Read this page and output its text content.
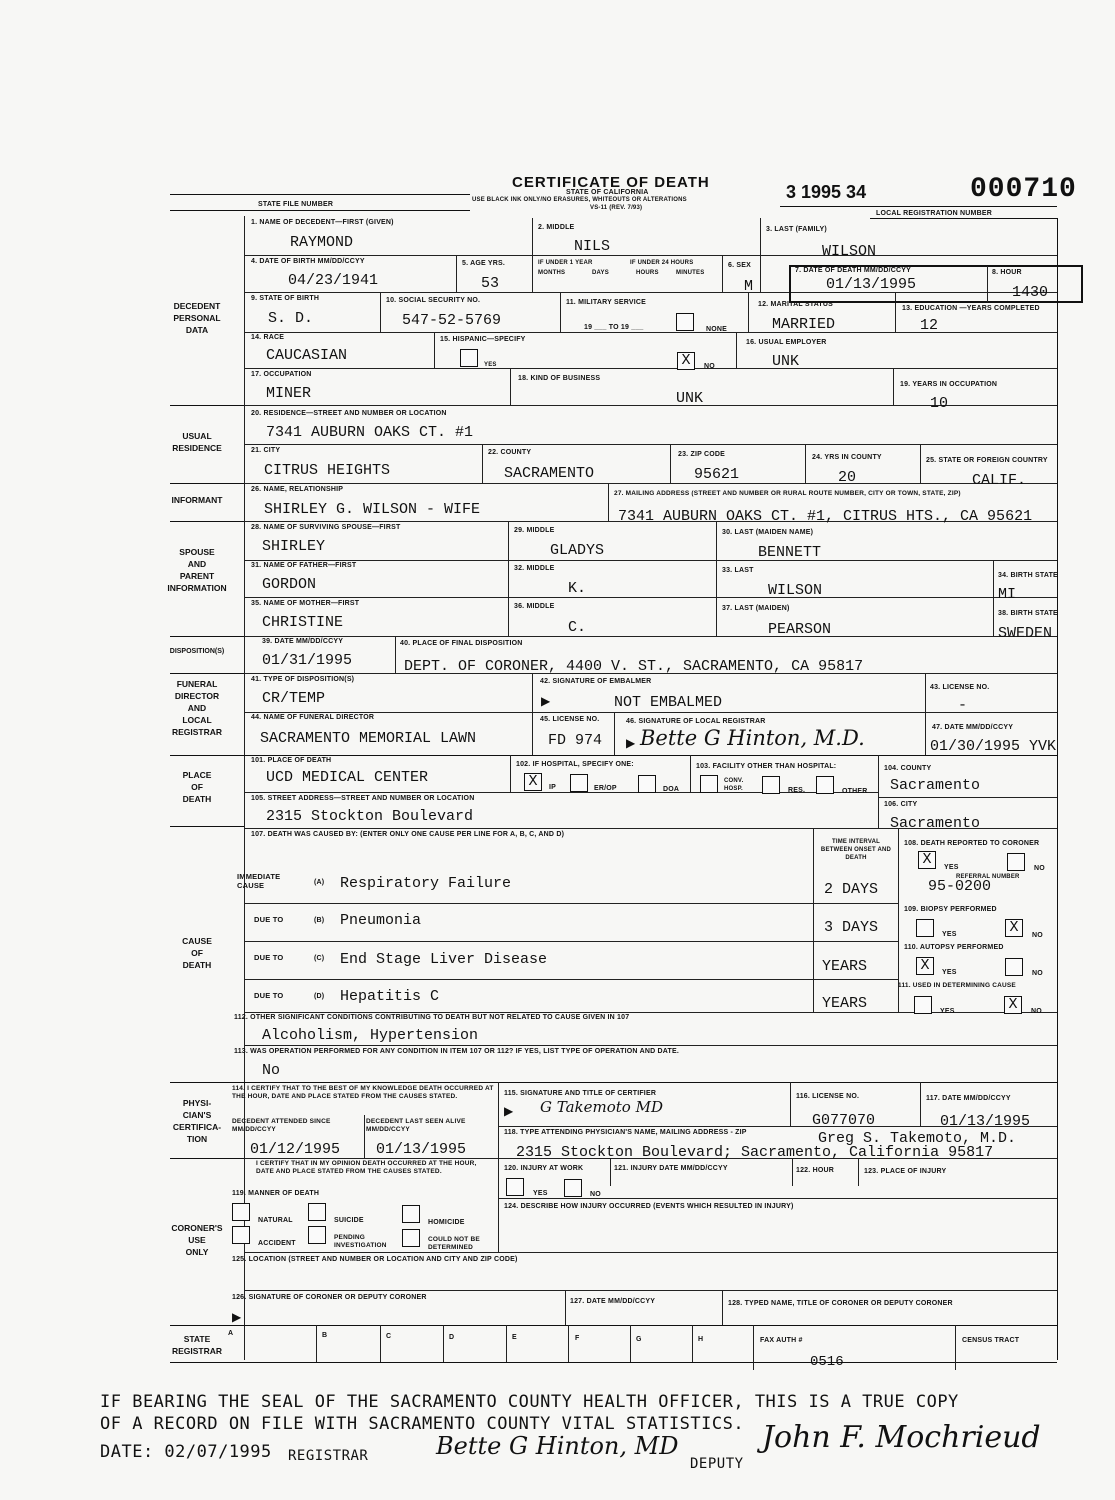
CERTIFICATE OF DEATH
STATE OF CALIFORNIA
USE BLACK INK ONLY/NO ERASURES, WHITEOUTS OR ALTERATIONS
VS-11 (REV. 7/93)
3 1995 34	000710
STATE FILE NUMBER
LOCAL REGISTRATION NUMBER
DECEDENT
PERSONAL
DATA
USUAL
RESIDENCE
INFORMANT
SPOUSE
AND
PARENT
INFORMATION
DISPOSITION(S)
FUNERAL
DIRECTOR
AND
LOCAL
REGISTRAR
PLACE
OF
DEATH
CAUSE
OF
DEATH
PHYSI-
CIAN'S
CERTIFICA-
TION
CORONER'S
USE
ONLY
STATE
REGISTRAR
1. NAME OF DECEDENT—FIRST (GIVEN)
RAYMOND
2. MIDDLE
NILS
3. LAST (FAMILY)
WILSON
4. DATE OF BIRTH MM/DD/CCYY
04/23/1941
5. AGE YRS.
53
IF UNDER 1 YEAR	IF UNDER 24 HOURS
MONTHS	DAYS	HOURS	MINUTES
6. SEX
M
7. DATE OF DEATH MM/DD/CCYY
01/13/1995
8. HOUR
1430
9. STATE OF BIRTH
S. D.
10. SOCIAL SECURITY NO.
547-52-5769
11. MILITARY SERVICE
19 ___ TO 19 ___	NONE
12. MARITAL STATUS
MARRIED
13. EDUCATION —YEARS COMPLETED
12
14. RACE
CAUCASIAN
15. HISPANIC—SPECIFY
YES	X	NO
16. USUAL EMPLOYER
UNK
17. OCCUPATION
MINER
18. KIND OF BUSINESS
UNK
19. YEARS IN OCCUPATION
10
20. RESIDENCE—STREET AND NUMBER OR LOCATION
7341 AUBURN OAKS CT. #1
21. CITY
CITRUS HEIGHTS
22. COUNTY
SACRAMENTO
23. ZIP CODE
95621
24. YRS IN COUNTY
20
25. STATE OR FOREIGN COUNTRY
CALIF.
26. NAME, RELATIONSHIP
SHIRLEY G. WILSON - WIFE
27. MAILING ADDRESS (STREET AND NUMBER OR RURAL ROUTE NUMBER, CITY OR TOWN, STATE, ZIP)
7341 AUBURN OAKS CT. #1, CITRUS HTS., CA 95621
28. NAME OF SURVIVING SPOUSE—FIRST
SHIRLEY
29. MIDDLE
GLADYS
30. LAST (MAIDEN NAME)
BENNETT
31. NAME OF FATHER—FIRST
GORDON
32. MIDDLE
K.
33. LAST
WILSON
34. BIRTH STATE
MI
35. NAME OF MOTHER—FIRST
CHRISTINE
36. MIDDLE
C.
37. LAST (MAIDEN)
PEARSON
38. BIRTH STATE
SWEDEN
39. DATE MM/DD/CCYY
01/31/1995
40. PLACE OF FINAL DISPOSITION
DEPT. OF CORONER, 4400 V. ST., SACRAMENTO, CA 95817
41. TYPE OF DISPOSITION(S)
CR/TEMP
42. SIGNATURE OF EMBALMER
▶	NOT EMBALMED
43. LICENSE NO.
-
44. NAME OF FUNERAL DIRECTOR
SACRAMENTO MEMORIAL LAWN
45. LICENSE NO.
FD 974
46. SIGNATURE OF LOCAL REGISTRAR
▶ Bette G Hinton, M.D.	47. DATE MM/DD/CCYY
01/30/1995 YVK
101. PLACE OF DEATH
UCD MEDICAL CENTER
102. IF HOSPITAL, SPECIFY ONE:
X	IP	ER/OP	DOA
103. FACILITY OTHER THAN HOSPITAL:
CONV.
HOSP.	RES.	OTHER
104. COUNTY
Sacramento
105. STREET ADDRESS—STREET AND NUMBER OR LOCATION
2315 Stockton Boulevard
106. CITY
Sacramento
107. DEATH WAS CAUSED BY: (ENTER ONLY ONE CAUSE PER LINE FOR A, B, C, AND D)
TIME INTERVAL BETWEEN ONSET AND DEATH
108. DEATH REPORTED TO CORONER
X	YES	NO
REFERRAL NUMBER
95-0200
IMMEDIATE CAUSE	(A) Respiratory Failure	2 DAYS
DUE TO	(B) Pneumonia	3 DAYS
109. BIOPSY PERFORMED
YES	X	NO
DUE TO	(C) End Stage Liver Disease	YEARS
110. AUTOPSY PERFORMED
X	YES	NO
DUE TO	(D) Hepatitis C	YEARS
111. USED IN DETERMINING CAUSE
YES	X	NO
112. OTHER SIGNIFICANT CONDITIONS CONTRIBUTING TO DEATH BUT NOT RELATED TO CAUSE GIVEN IN 107
Alcoholism, Hypertension
113. WAS OPERATION PERFORMED FOR ANY CONDITION IN ITEM 107 OR 112? IF YES, LIST TYPE OF OPERATION AND DATE.
No
114. I CERTIFY THAT TO THE BEST OF MY KNOWLEDGE DEATH OCCURRED AT THE HOUR, DATE AND PLACE STATED FROM THE CAUSES STATED.
DECEDENT ATTENDED SINCE MM/DD/CCYY
DECEDENT LAST SEEN ALIVE MM/DD/CCYY
01/12/1995 01/13/1995
115. SIGNATURE AND TITLE OF CERTIFIER
▶ G Takemoto MD
116. LICENSE NO.
G077070
117. DATE MM/DD/CCYY
01/13/1995
118. TYPE ATTENDING PHYSICIAN'S NAME, MAILING ADDRESS - ZIP	Greg S. Takemoto, M.D.
2315 Stockton Boulevard; Sacramento, California 95817
I CERTIFY THAT IN MY OPINION DEATH OCCURRED AT THE HOUR, DATE AND PLACE STATED FROM THE CAUSES STATED.
119. MANNER OF DEATH
NATURAL	SUICIDE	HOMICIDE
ACCIDENT
PENDING INVESTIGATION
COULD NOT BE DETERMINED
120. INJURY AT WORK
YES	NO
121. INJURY DATE MM/DD/CCYY	122. HOUR	123. PLACE OF INJURY
124. DESCRIBE HOW INJURY OCCURRED (EVENTS WHICH RESULTED IN INJURY)
125. LOCATION (STREET AND NUMBER OR LOCATION AND CITY AND ZIP CODE)
126. SIGNATURE OF CORONER OR DEPUTY CORONER
▶
127. DATE MM/DD/CCYY	128. TYPED NAME, TITLE OF CORONER OR DEPUTY CORONER
A	B	C	D	E	F	G	H	FAX AUTH #
0516
CENSUS TRACT
IF BEARING THE SEAL OF THE SACRAMENTO COUNTY HEALTH OFFICER, THIS IS A TRUE COPY
OF A RECORD ON FILE WITH SACRAMENTO COUNTY VITAL STATISTICS.
DATE: 02/07/1995 REGISTRAR	Bette G Hinton, MD
DEPUTY
John F. Mochrieud
